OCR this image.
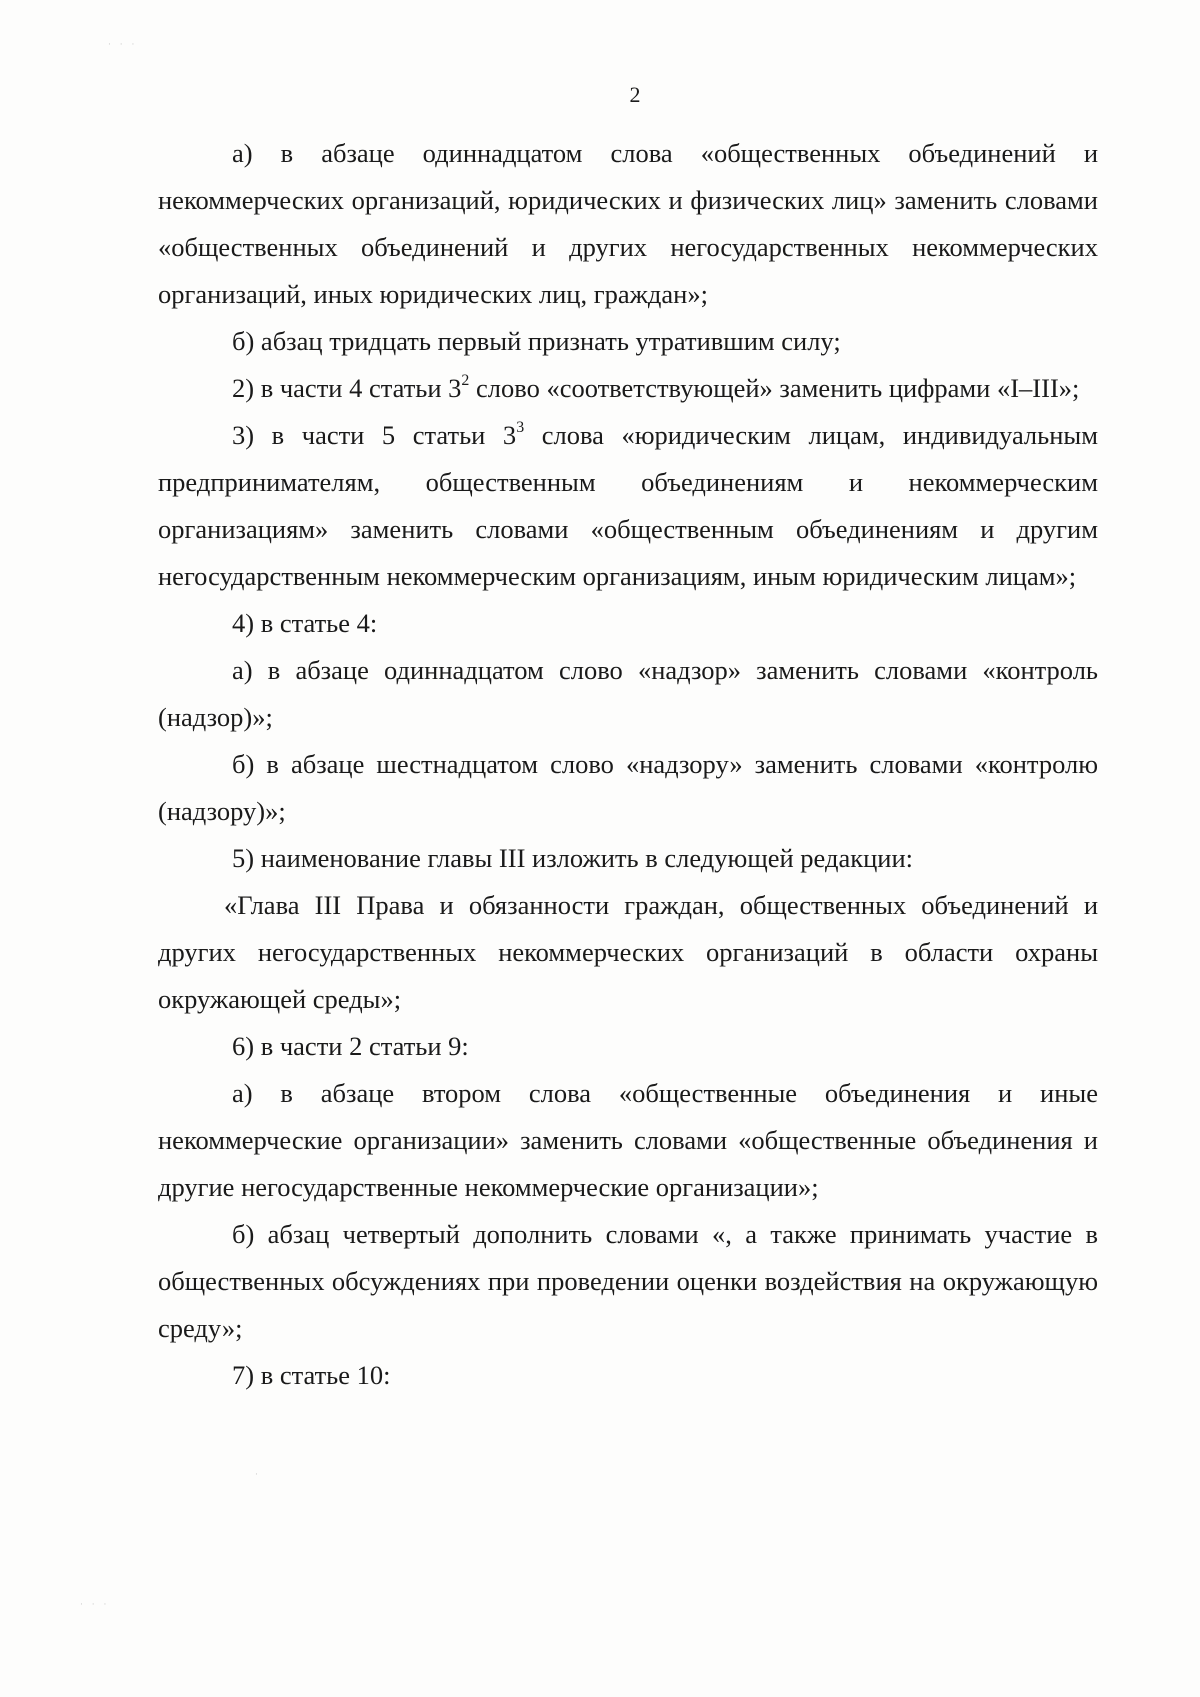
2

а) в абзаце одиннадцатом слова «общественных объединений и некоммерческих организаций, юридических и физических лиц» заменить словами «общественных объединений и других негосударственных некоммерческих организаций, иных юридических лиц, граждан»;

б) абзац тридцать первый признать утратившим силу;

2) в части 4 статьи $3^2$ слово «соответствующей» заменить цифрами «I–III»;

3) в части 5 статьи $3^3$ слова «юридическим лицам, индивидуальным предпринимателям, общественным объединениям и некоммерческим организациям» заменить словами «общественным объединениям и другим негосударственным некоммерческим организациям, иным юридическим лицам»;

4) в статье 4:

а) в абзаце одиннадцатом слово «надзор» заменить словами «контроль (надзор)»;

б) в абзаце шестнадцатом слово «надзору» заменить словами «контролю (надзору)»;

5) наименование главы III изложить в следующей редакции:

«Глава III Права и обязанности граждан, общественных объединений и других негосударственных некоммерческих организаций в области охраны окружающей среды»;

6) в части 2 статьи 9:

а) в абзаце втором слова «общественные объединения и иные некоммерческие организации» заменить словами «общественные объединения и другие негосударственные некоммерческие организации»;

б) абзац четвертый дополнить словами «, а также принимать участие в общественных обсуждениях при проведении оценки воздействия на окружающую среду»;

7) в статье 10:

· · ·
· · ·
·
